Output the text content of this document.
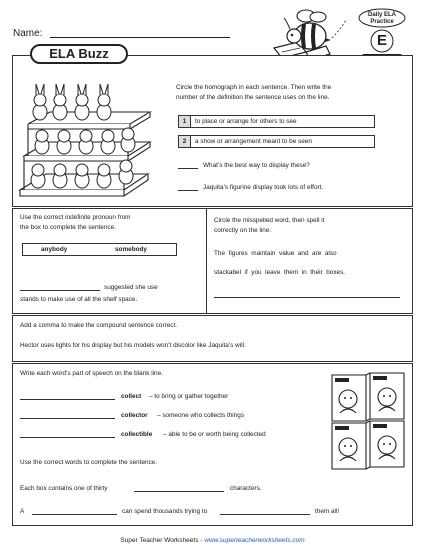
Name:
Daily ELA
Practice
E
ELA Buzz
Circle the homograph in each sentence. Then write the
number of the definition the sentence uses on the line.
1	to place or arrange for others to see
2	a show or arrangement meant to be seen
What’s the best way to display these?
Jaquita’s figurine display took lots of effort.
Use the correct indefinite pronoun from
the box to complete the sentence.
anybody	somebody
suggested she use
stands to make use of all the shelf space.
Circle the misspelled word, then spell it
correctly on the line.
The  figures  maintain  value  and  are  also
stackabel  if  you  leave  them  in  their  boxes.
Add a comma to make the compound sentence correct.
Hector uses lights for his display but his models won’t discolor like Jaquita’s will.
Write each word’s part of speech on the blank line.
collect – to bring or gather together
collector – someone who collects things
collectible – able to be or worth being collected
Use the correct words to complete the sentence.
Each box contains one of thirty	characters.
A	can spend thousands trying to	them all!
Super Teacher Worksheets - www.superteacherworksheets.com
